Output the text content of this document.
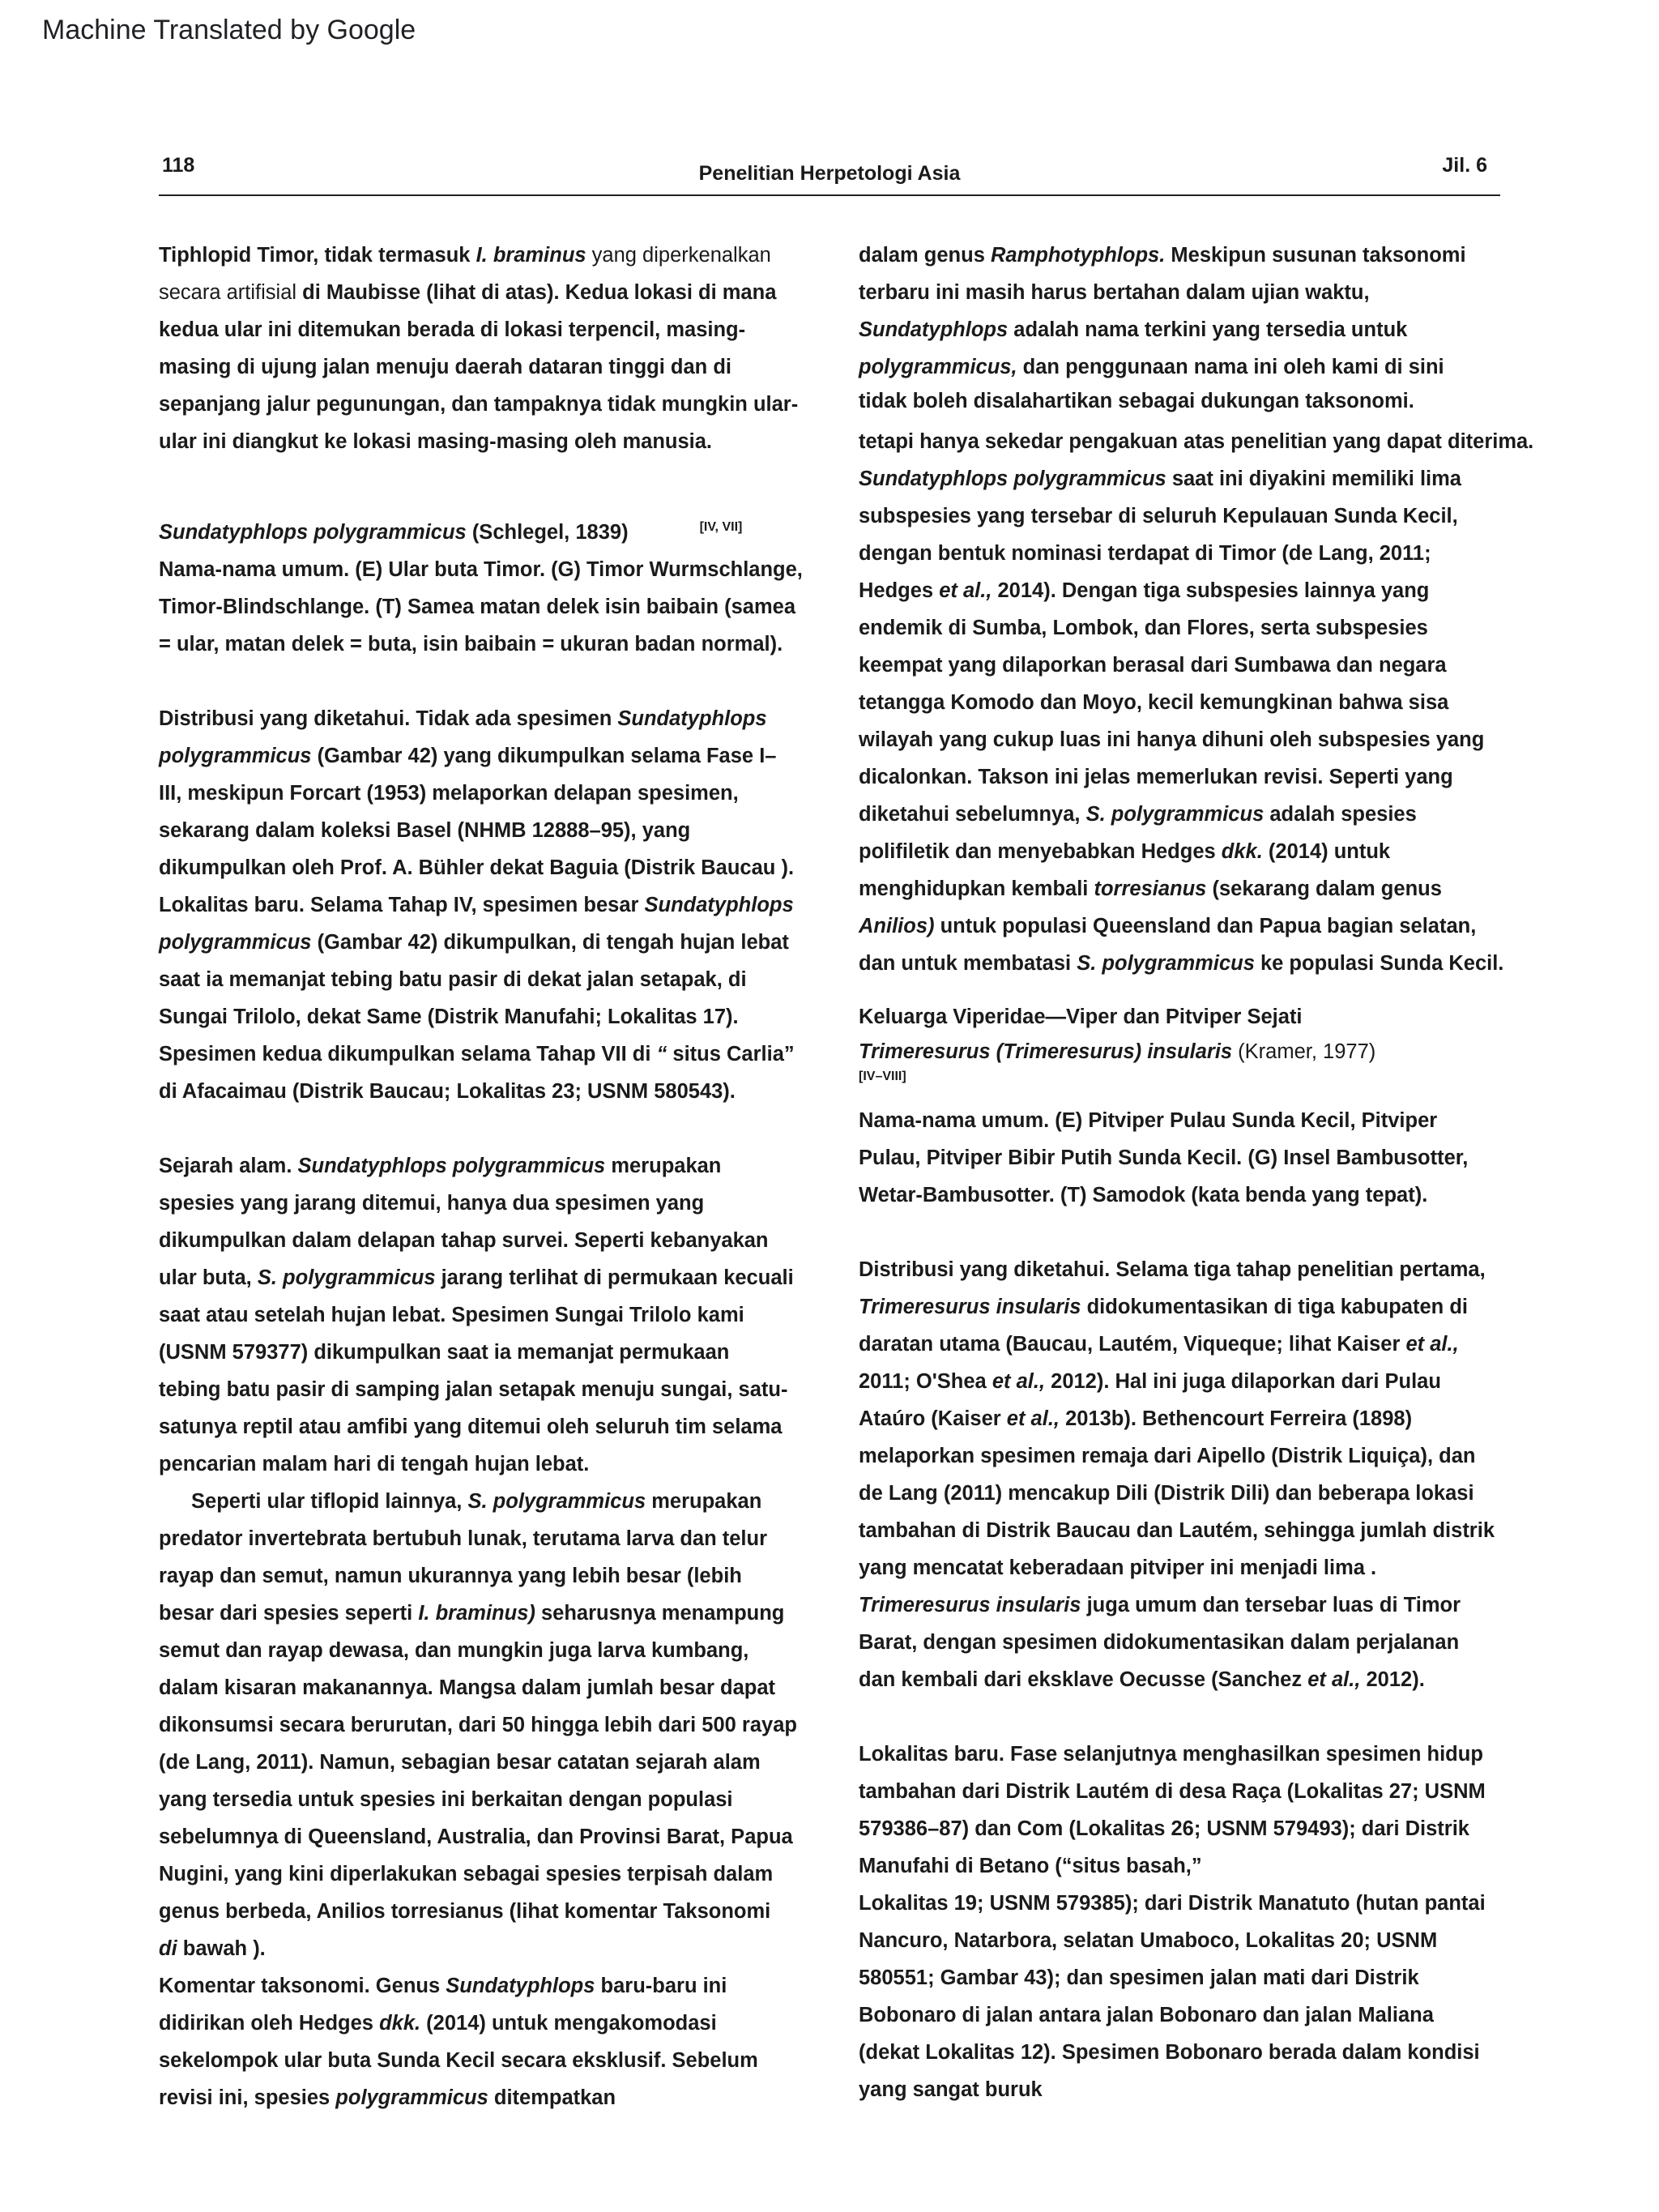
Machine Translated by Google
118	Penelitian Herpetologi Asia	Jil. 6
Tiphlopid Timor, tidak termasuk I. braminus yang diperkenalkan
secara artifisial di Maubisse (lihat di atas). Kedua lokasi di mana
kedua ular ini ditemukan berada di lokasi terpencil, masing-
masing di ujung jalan menuju daerah dataran tinggi dan di
sepanjang jalur pegunungan, dan tampaknya tidak mungkin ular-
ular ini diangkut ke lokasi masing-masing oleh manusia.
Sundatyphlops polygrammicus (Schlegel, 1839)	[IV, VII]
Nama-nama umum. (E) Ular buta Timor. (G) Timor Wurmschlange,
Timor-Blindschlange. (T) Samea matan delek isin baibain (samea
= ular, matan delek = buta, isin baibain = ukuran badan normal).
Distribusi yang diketahui. Tidak ada spesimen Sundatyphlops
polygrammicus (Gambar 42) yang dikumpulkan selama Fase I–
III, meskipun Forcart (1953) melaporkan delapan spesimen,
sekarang dalam koleksi Basel (NHMB 12888–95), yang
dikumpulkan oleh Prof. A. Bühler dekat Baguia (Distrik Baucau ).
Lokalitas baru. Selama Tahap IV, spesimen besar Sundatyphlops
polygrammicus (Gambar 42) dikumpulkan, di tengah hujan lebat
saat ia memanjat tebing batu pasir di dekat jalan setapak, di
Sungai Trilolo, dekat Same (Distrik Manufahi; Lokalitas 17).
Spesimen kedua dikumpulkan selama Tahap VII di “ situs Carlia”
di Afacaimau (Distrik Baucau; Lokalitas 23; USNM 580543).
Sejarah alam. Sundatyphlops polygrammicus merupakan
spesies yang jarang ditemui, hanya dua spesimen yang
dikumpulkan dalam delapan tahap survei. Seperti kebanyakan
ular buta, S. polygrammicus jarang terlihat di permukaan kecuali
saat atau setelah hujan lebat. Spesimen Sungai Trilolo kami
(USNM 579377) dikumpulkan saat ia memanjat permukaan
tebing batu pasir di samping jalan setapak menuju sungai, satu-
satunya reptil atau amfibi yang ditemui oleh seluruh tim selama
pencarian malam hari di tengah hujan lebat.
Seperti ular tiflopid lainnya, S. polygrammicus merupakan
predator invertebrata bertubuh lunak, terutama larva dan telur
rayap dan semut, namun ukurannya yang lebih besar (lebih
besar dari spesies seperti I. braminus) seharusnya menampung
semut dan rayap dewasa, dan mungkin juga larva kumbang,
dalam kisaran makanannya. Mangsa dalam jumlah besar dapat
dikonsumsi secara berurutan, dari 50 hingga lebih dari 500 rayap
(de Lang, 2011). Namun, sebagian besar catatan sejarah alam
yang tersedia untuk spesies ini berkaitan dengan populasi
sebelumnya di Queensland, Australia, dan Provinsi Barat, Papua
Nugini, yang kini diperlakukan sebagai spesies terpisah dalam
genus berbeda, Anilios torresianus (lihat komentar Taksonomi
di bawah ).
Komentar taksonomi. Genus Sundatyphlops baru-baru ini
didirikan oleh Hedges dkk. (2014) untuk mengakomodasi
sekelompok ular buta Sunda Kecil secara eksklusif. Sebelum
revisi ini, spesies polygrammicus ditempatkan
dalam genus Ramphotyphlops. Meskipun susunan taksonomi
terbaru ini masih harus bertahan dalam ujian waktu,
Sundatyphlops adalah nama terkini yang tersedia untuk
polygrammicus, dan penggunaan nama ini oleh kami di sini
tidak boleh disalahartikan sebagai dukungan taksonomi.
tetapi hanya sekedar pengakuan atas penelitian yang dapat diterima.
Sundatyphlops polygrammicus saat ini diyakini memiliki lima
subspesies yang tersebar di seluruh Kepulauan Sunda Kecil,
dengan bentuk nominasi terdapat di Timor (de Lang, 2011;
Hedges et al., 2014). Dengan tiga subspesies lainnya yang
endemik di Sumba, Lombok, dan Flores, serta subspesies
keempat yang dilaporkan berasal dari Sumbawa dan negara
tetangga Komodo dan Moyo, kecil kemungkinan bahwa sisa
wilayah yang cukup luas ini hanya dihuni oleh subspesies yang
dicalonkan. Takson ini jelas memerlukan revisi. Seperti yang
diketahui sebelumnya, S. polygrammicus adalah spesies
polifiletik dan menyebabkan Hedges dkk. (2014) untuk
menghidupkan kembali torresianus (sekarang dalam genus
Anilios) untuk populasi Queensland dan Papua bagian selatan,
dan untuk membatasi S. polygrammicus ke populasi Sunda Kecil.
Keluarga Viperidae—Viper dan Pitviper Sejati
Trimeresurus (Trimeresurus) insularis (Kramer, 1977)
[IV–VIII]
Nama-nama umum. (E) Pitviper Pulau Sunda Kecil, Pitviper
Pulau, Pitviper Bibir Putih Sunda Kecil. (G) Insel Bambusotter,
Wetar-Bambusotter. (T) Samodok (kata benda yang tepat).
Distribusi yang diketahui. Selama tiga tahap penelitian pertama,
Trimeresurus insularis didokumentasikan di tiga kabupaten di
daratan utama (Baucau, Lautém, Viqueque; lihat Kaiser et al.,
2011; O'Shea et al., 2012). Hal ini juga dilaporkan dari Pulau
Ataúro (Kaiser et al., 2013b). Bethencourt Ferreira (1898)
melaporkan spesimen remaja dari Aipello (Distrik Liquiça), dan
de Lang (2011) mencakup Dili (Distrik Dili) dan beberapa lokasi
tambahan di Distrik Baucau dan Lautém, sehingga jumlah distrik
yang mencatat keberadaan pitviper ini menjadi lima .
Trimeresurus insularis juga umum dan tersebar luas di Timor
Barat, dengan spesimen didokumentasikan dalam perjalanan
dan kembali dari eksklave Oecusse (Sanchez et al., 2012).
Lokalitas baru. Fase selanjutnya menghasilkan spesimen hidup
tambahan dari Distrik Lautém di desa Raça (Lokalitas 27; USNM
579386–87) dan Com (Lokalitas 26; USNM 579493); dari Distrik
Manufahi di Betano (“situs basah,”
Lokalitas 19; USNM 579385); dari Distrik Manatuto (hutan pantai
Nancuro, Natarbora, selatan Umaboco, Lokalitas 20; USNM
580551; Gambar 43); dan spesimen jalan mati dari Distrik
Bobonaro di jalan antara jalan Bobonaro dan jalan Maliana
(dekat Lokalitas 12). Spesimen Bobonaro berada dalam kondisi
yang sangat buruk
